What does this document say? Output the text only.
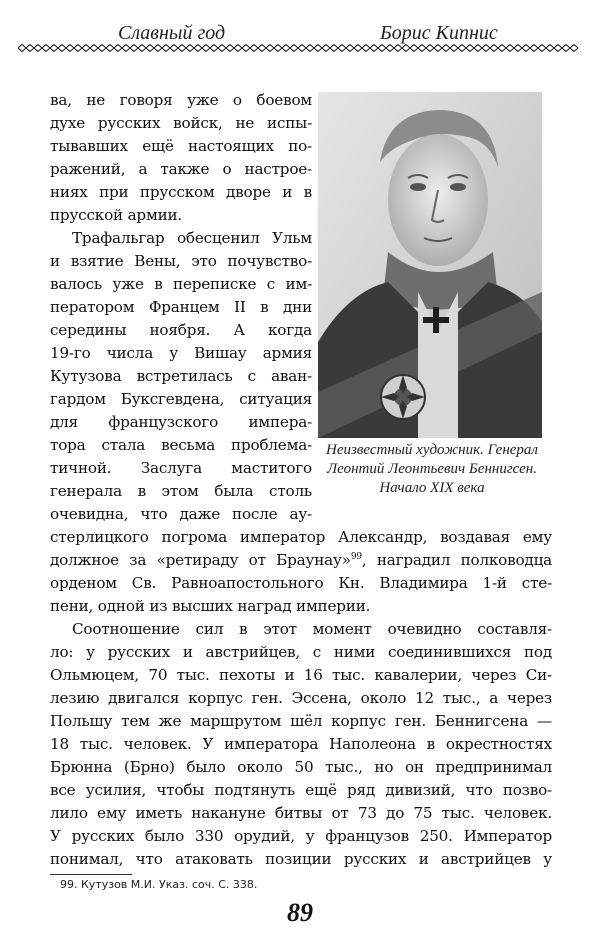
Славный год	Борис Кипнис
Неизвестный художник. Генерал
Леонтий Леонтьевич Беннигсен.
Начало XIX века
ва, не говоря уже о боевом
духе русских войск, не испы-
тывавших ещё настоящих по-
ражений, а также о настрое-
ниях при прусском дворе и в
прусской армии.
Трафальгар обесценил Ульм
и взятие Вены, это почувство-
валось уже в переписке с им-
ператором Францем II в дни
середины ноября. А когда
19-го числа у Вишау армия
Кутузова встретилась с аван-
гардом Буксгевдена, ситуация
для французского импера-
тора стала весьма проблема-
тичной. Заслуга маститого
генерала в этом была столь
очевидна, что даже после ау-
стерлицкого погрома император Александр, воздавая ему
должное за «ретираду от Браунау»$^{99}$, наградил полководца
орденом Св. Равноапостольного Кн. Владимира 1-й сте-
пени, одной из высших наград империи.
Соотношение сил в этот момент очевидно составля-
ло: у русских и австрийцев, с ними соединившихся под
Ольмюцем, 70 тыс. пехоты и 16 тыс. кавалерии, через Си-
лезию двигался корпус ген. Эссена, около 12 тыс., а через
Польшу тем же маршрутом шёл корпус ген. Беннигсена —
18 тыс. человек. У императора Наполеона в окрестностях
Брюнна (Брно) было около 50 тыс., но он предпринимал
все усилия, чтобы подтянуть ещё ряд дивизий, что позво-
лило ему иметь накануне битвы от 73 до 75 тыс. человек.
У русских было 330 орудий, у французов 250. Император
понимал, что атаковать позиции русских и австрийцев у
99. Кутузов М.И. Указ. соч. С. 338.
89
